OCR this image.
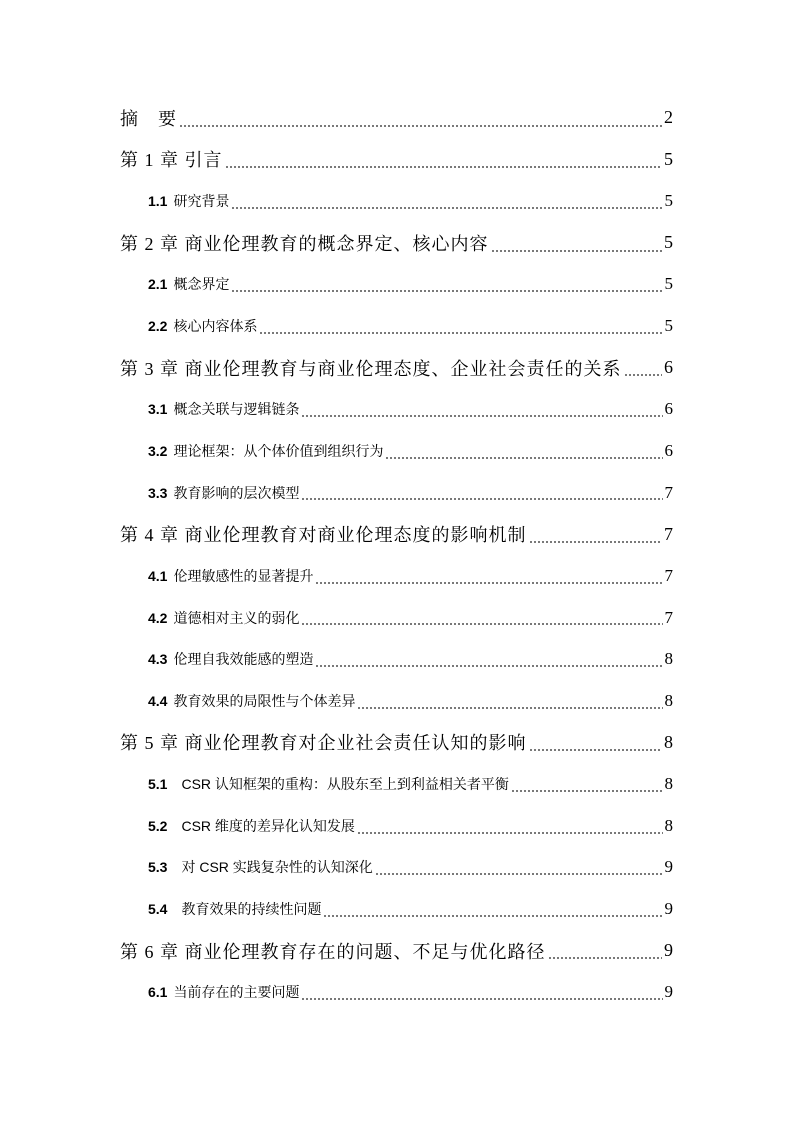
摘　要	2
第 1 章 引言	5
1.1 研究背景	5
第 2 章 商业伦理教育的概念界定、核心内容	5
2.1 概念界定	5
2.2 核心内容体系	5
第 3 章 商业伦理教育与商业伦理态度、企业社会责任的关系 6
3.1 概念关联与逻辑链条	6
3.2 理论框架：从个体价值到组织行为	6
3.3 教育影响的层次模型	7
第 4 章 商业伦理教育对商业伦理态度的影响机制	7
4.1 伦理敏感性的显著提升	7
4.2 道德相对主义的弱化	7
4.3 伦理自我效能感的塑造	8
4.4 教育效果的局限性与个体差异	8
第 5 章 商业伦理教育对企业社会责任认知的影响	8
5.1 CSR 认知框架的重构：从股东至上到利益相关者平衡	8
5.2 CSR 维度的差异化认知发展	8
5.3 对 CSR 实践复杂性的认知深化	9
5.4 教育效果的持续性问题	9
第 6 章 商业伦理教育存在的问题、不足与优化路径	9
6.1 当前存在的主要问题	9
